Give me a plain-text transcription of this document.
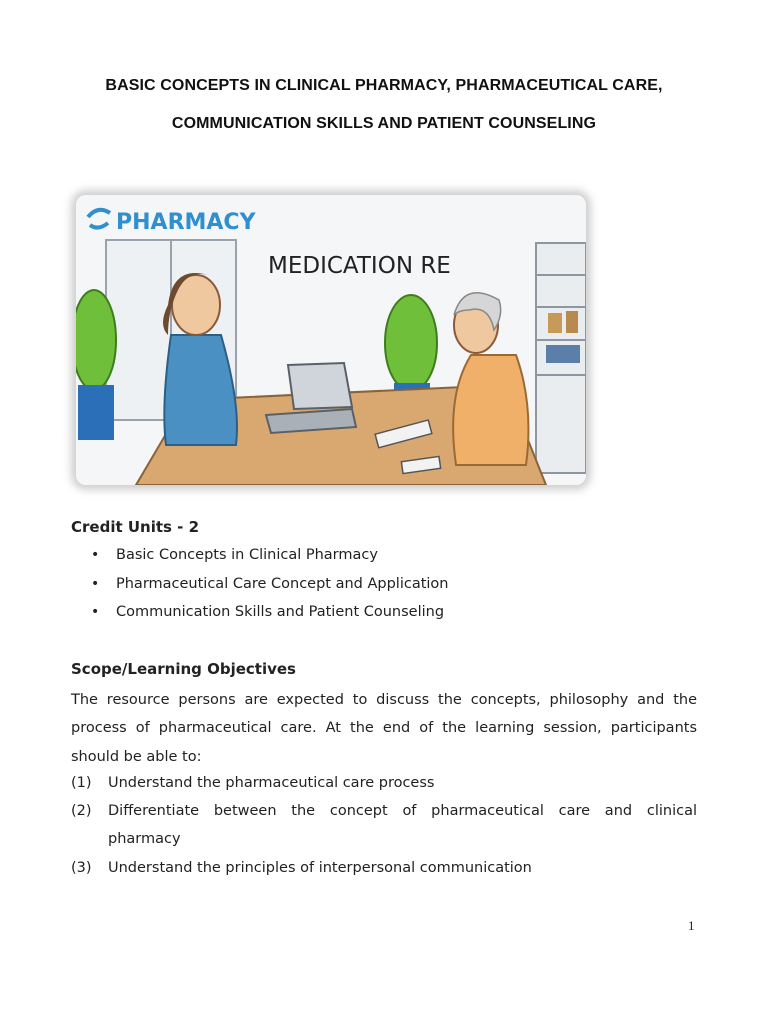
BASIC CONCEPTS IN CLINICAL PHARMACY, PHARMACEUTICAL CARE,
COMMUNICATION SKILLS AND PATIENT COUNSELING
PHARMACY
MEDICATION RE
Credit Units - 2
• Basic Concepts in Clinical Pharmacy
• Pharmaceutical Care Concept and Application
• Communication Skills and Patient Counseling
Scope/Learning Objectives
The resource persons are expected to discuss the concepts, philosophy and the
process of pharmaceutical care. At the end of the learning session, participants
should be able to:
(1) Understand the pharmaceutical care process
(2) Differentiate between the concept of pharmaceutical care and clinical
pharmacy
(3) Understand the principles of interpersonal communication
1
